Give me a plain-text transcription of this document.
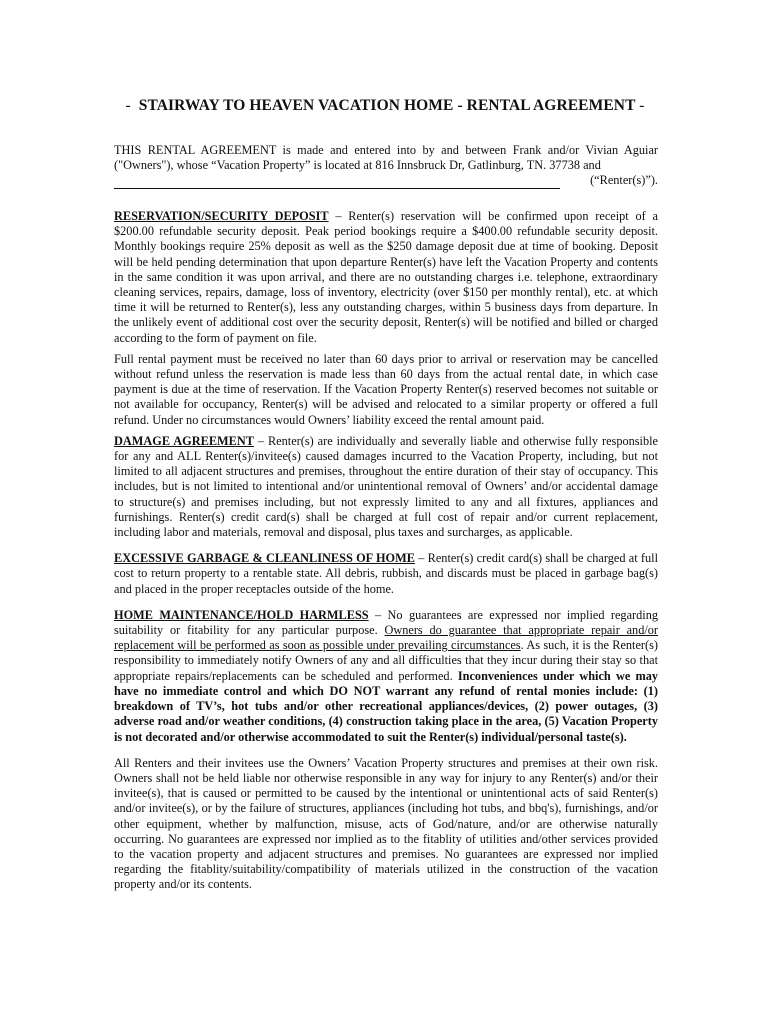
- STAIRWAY TO HEAVEN VACATION HOME - RENTAL AGREEMENT -

THIS RENTAL AGREEMENT is made and entered into by and between Frank and/or Vivian Aguiar ("Owners"), whose “Vacation Property” is located at 816 Innsbruck Dr, Gatlinburg, TN. 37738 and

(“Renter(s)”).

RESERVATION/SECURITY DEPOSIT – Renter(s) reservation will be confirmed upon receipt of a $200.00 refundable security deposit. Peak period bookings require a $400.00 refundable security deposit. Monthly bookings require 25% deposit as well as the $250 damage deposit due at time of booking. Deposit will be held pending determination that upon departure Renter(s) have left the Vacation Property and contents in the same condition it was upon arrival, and there are no outstanding charges i.e. telephone, extraordinary cleaning services, repairs, damage, loss of inventory, electricity (over $150 per monthly rental), etc. at which time it will be returned to Renter(s), less any outstanding charges, within 5 business days from departure. In the unlikely event of additional cost over the security deposit, Renter(s) will be notified and billed or charged according to the form of payment on file.

Full rental payment must be received no later than 60 days prior to arrival or reservation may be cancelled without refund unless the reservation is made less than 60 days from the actual rental date, in which case payment is due at the time of reservation. If the Vacation Property Renter(s) reserved becomes not suitable or not available for occupancy, Renter(s) will be advised and relocated to a similar property or offered a full refund. Under no circumstances would Owners’ liability exceed the rental amount paid.

DAMAGE AGREEMENT – Renter(s) are individually and severally liable and otherwise fully responsible for any and ALL Renter(s)/invitee(s) caused damages incurred to the Vacation Property, including, but not limited to all adjacent structures and premises, throughout the entire duration of their stay of occupancy. This includes, but is not limited to intentional and/or unintentional removal of Owners’ and/or accidental damage to structure(s) and premises including, but not expressly limited to any and all fixtures, appliances and furnishings. Renter(s) credit card(s) shall be charged at full cost of repair and/or current replacement, including labor and materials, removal and disposal, plus taxes and surcharges, as applicable.

EXCESSIVE GARBAGE & CLEANLINESS OF HOME – Renter(s) credit card(s) shall be charged at full cost to return property to a rentable state. All debris, rubbish, and discards must be placed in garbage bag(s) and placed in the proper receptacles outside of the home.

HOME MAINTENANCE/HOLD HARMLESS – No guarantees are expressed nor implied regarding suitability or fitability for any particular purpose. Owners do guarantee that appropriate repair and/or replacement will be performed as soon as possible under prevailing circumstances. As such, it is the Renter(s) responsibility to immediately notify Owners of any and all difficulties that they incur during their stay so that appropriate repairs/replacements can be scheduled and performed. Inconveniences under which we may have no immediate control and which DO NOT warrant any refund of rental monies include: (1) breakdown of TV’s, hot tubs and/or other recreational appliances/devices, (2) power outages, (3) adverse road and/or weather conditions, (4) construction taking place in the area, (5) Vacation Property is not decorated and/or otherwise accommodated to suit the Renter(s) individual/personal taste(s).

All Renters and their invitees use the Owners’ Vacation Property structures and premises at their own risk. Owners shall not be held liable nor otherwise responsible in any way for injury to any Renter(s) and/or their invitee(s), that is caused or permitted to be caused by the intentional or unintentional acts of said Renter(s) and/or invitee(s), or by the failure of structures, appliances (including hot tubs, and bbq's), furnishings, and/or other equipment, whether by malfunction, misuse, acts of God/nature, and/or are otherwise naturally occurring. No guarantees are expressed nor implied as to the fitablity of utilities and/other services provided to the vacation property and adjacent structures and premises. No guarantees are expressed nor implied regarding the fitablity/suitability/compatibility of materials utilized in the construction of the vacation property and/or its contents.
